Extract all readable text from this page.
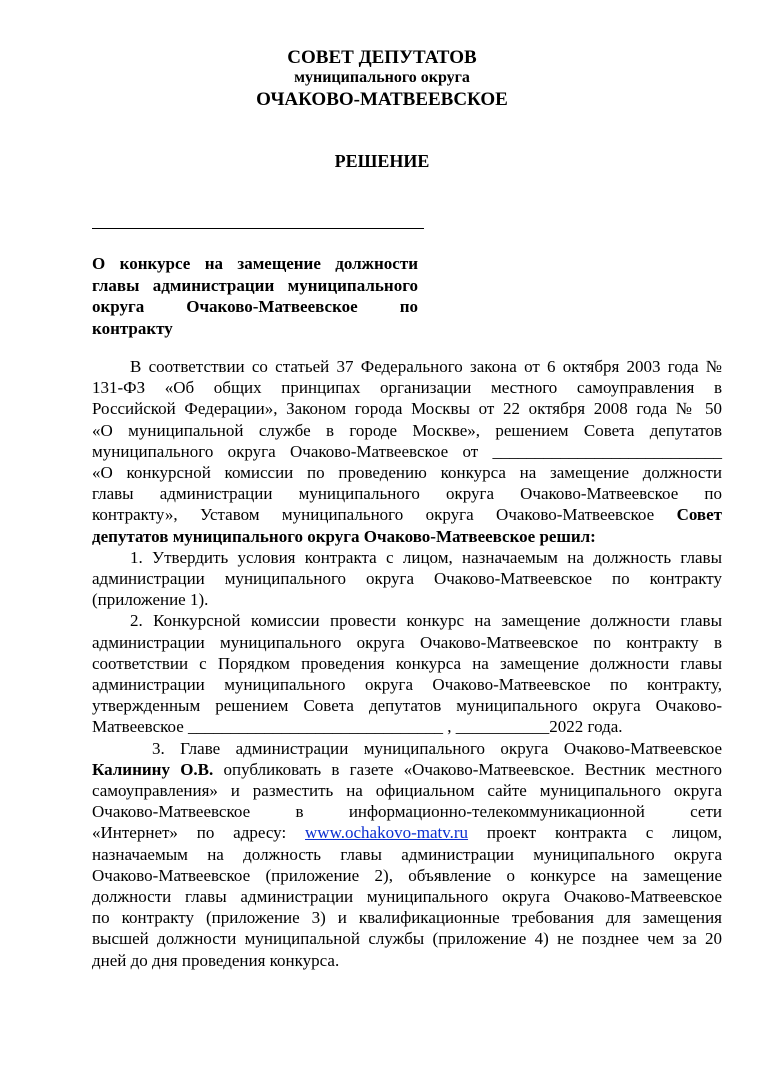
СОВЕТ ДЕПУТАТОВ
муниципального округа
ОЧАКОВО-МАТВЕЕВСКОЕ
РЕШЕНИЕ
О конкурсе на замещение должности
главы администрации муниципального
округа Очаково-Матвеевское по
контракту
В соответствии со статьей 37 Федерального закона от 6 октября 2003 года №
131-ФЗ «Об общих принципах организации местного самоуправления в
Российской Федерации», Законом города Москвы от 22 октября 2008 года № 50
«О муниципальной службе в городе Москве», решением Совета депутатов
муниципального округа Очаково-Матвеевское от ___________________________
«О конкурсной комиссии по проведению конкурса на замещение должности
главы администрации муниципального округа Очаково-Матвеевское по
контракту», Уставом муниципального округа Очаково-Матвеевское Совет
депутатов муниципального округа Очаково-Матвеевское решил:
1. Утвердить условия контракта с лицом, назначаемым на должность главы
администрации муниципального округа Очаково-Матвеевское по контракту
(приложение 1).
2. Конкурсной комиссии провести конкурс на замещение должности главы
администрации муниципального округа Очаково-Матвеевское по контракту в
соответствии с Порядком проведения конкурса на замещение должности главы
администрации муниципального округа Очаково-Матвеевское по контракту,
утвержденным решением Совета депутатов муниципального округа Очаково-
Матвеевское ______________________________ , ___________2022 года.
3. Главе администрации муниципального округа Очаково-Матвеевское
Калинину О.В. опубликовать в газете «Очаково-Матвеевское. Вестник местного
самоуправления» и разместить на официальном сайте муниципального округа
Очаково-Матвеевское в информационно-телекоммуникационной сети
«Интернет» по адресу: www.ochakovo-matv.ru проект контракта с лицом,
назначаемым на должность главы администрации муниципального округа
Очаково-Матвеевское (приложение 2), объявление о конкурсе на замещение
должности главы администрации муниципального округа Очаково-Матвеевское
по контракту (приложение 3) и квалификационные требования для замещения
высшей должности муниципальной службы (приложение 4) не позднее чем за 20
дней до дня проведения конкурса.
